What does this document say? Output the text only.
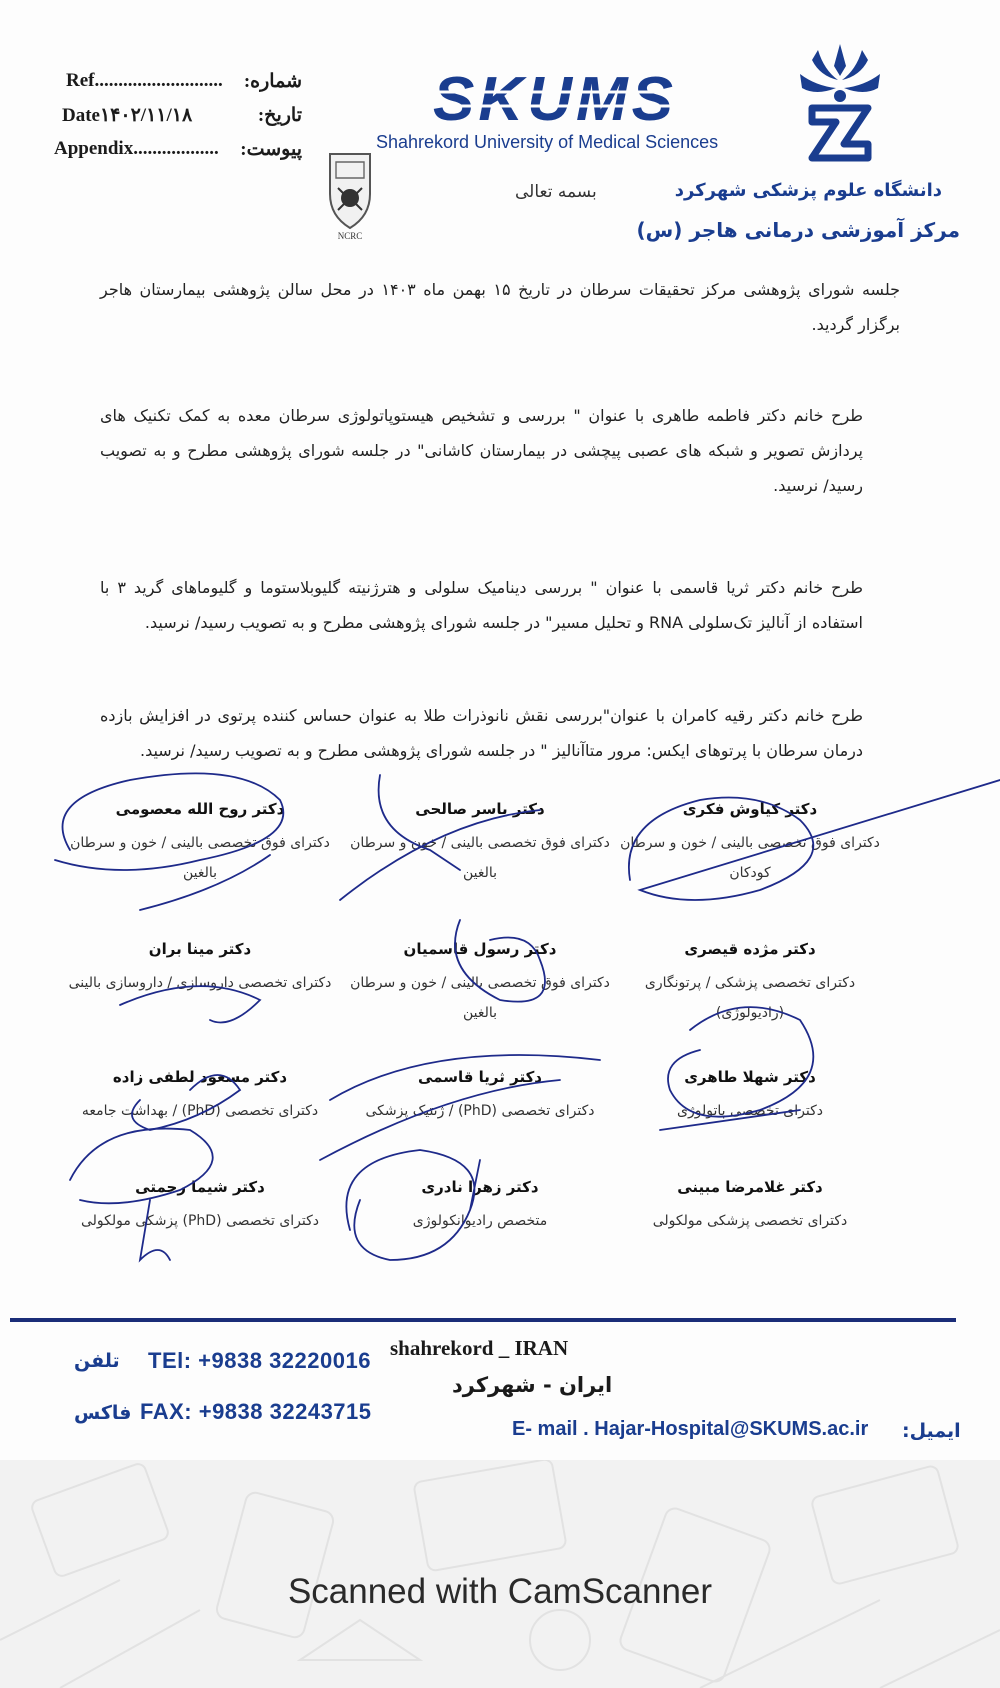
Ref........................... شماره:
Date۱۴۰۲/۱۱/۱۸	تاریخ:
Appendix.................. پیوست:
SKUMS
Shahrekord University of Medical Sciences
NCRC
بسمه تعالی	دانشگاه علوم پزشکی شهرکرد
مرکز آموزشی درمانی هاجر (س)
جلسه شورای پژوهشی مرکز تحقیقات سرطان در تاریخ ۱۵ بهمن ماه ۱۴۰۳ در محل سالن پژوهشی بیمارستان هاجر برگزار گردید.
طرح خانم دکتر فاطمه طاهری با عنوان " بررسی و تشخیص هیستوپاتولوژی سرطان معده به کمک تکنیک های پردازش تصویر و شبکه های عصبی پیچشی در بیمارستان کاشانی" در جلسه شورای پژوهشی مطرح و به تصویب رسید/ نرسید.
طرح خانم دکتر ثریا قاسمی با عنوان " بررسی دینامیک سلولی و هترژنیته گلیوبلاستوما و گلیوماهای گرید ۳ با استفاده از آنالیز تک‌سلولی RNA و تحلیل مسیر" در جلسه شورای پژوهشی مطرح و به تصویب رسید/ نرسید.
طرح خانم دکتر رقیه کامران با عنوان"بررسی نقش نانوذرات طلا به عنوان حساس کننده پرتوی در افزایش بازده درمان سرطان با پرتوهای ایکس: مرور متاآنالیز " در جلسه شورای پژوهشی مطرح و به تصویب رسید/ نرسید.
دکتر کیاوش فکری
دکترای فوق تخصصی بالینی / خون و سرطان کودکان
دکتر یاسر صالحی
دکترای فوق تخصصی بالینی / خون و سرطان بالغین
دکتر روح الله معصومی
دکترای فوق تخصصی بالینی / خون و سرطان بالغین
دکتر مژده قیصری
دکترای تخصصی پزشکی / پرتونگاری (رادیولوژی)
دکتر رسول قاسمیان
دکترای فوق تخصصی بالینی / خون و سرطان بالغین
دکتر مینا بران
دکترای تخصصی داروسازی / داروسازی بالینی
دکتر شهلا طاهری
دکترای تخصصی پاتولوژی
دکتر ثریا قاسمی
دکترای تخصصی (PhD) / ژنتیک پزشکی
دکتر مسعود لطفی زاده
دکترای تخصصی (PhD) / بهداشت جامعه
دکتر غلامرضا مبینی
دکترای تخصصی پزشکی مولکولی
دکتر زهرا نادری
متخصص رادیوانکولوژی
دکتر شیما رحمتی
دکترای تخصصی (PhD) پزشکی مولکولی
تلفن TEl: +9838 32220016
فاکس FAX: +9838 32243715
shahrekord _ IRAN
ایران - شهرکرد
E- mail . Hajar-Hospital@SKUMS.ac.ir ایمیل:
Scanned with CamScanner
